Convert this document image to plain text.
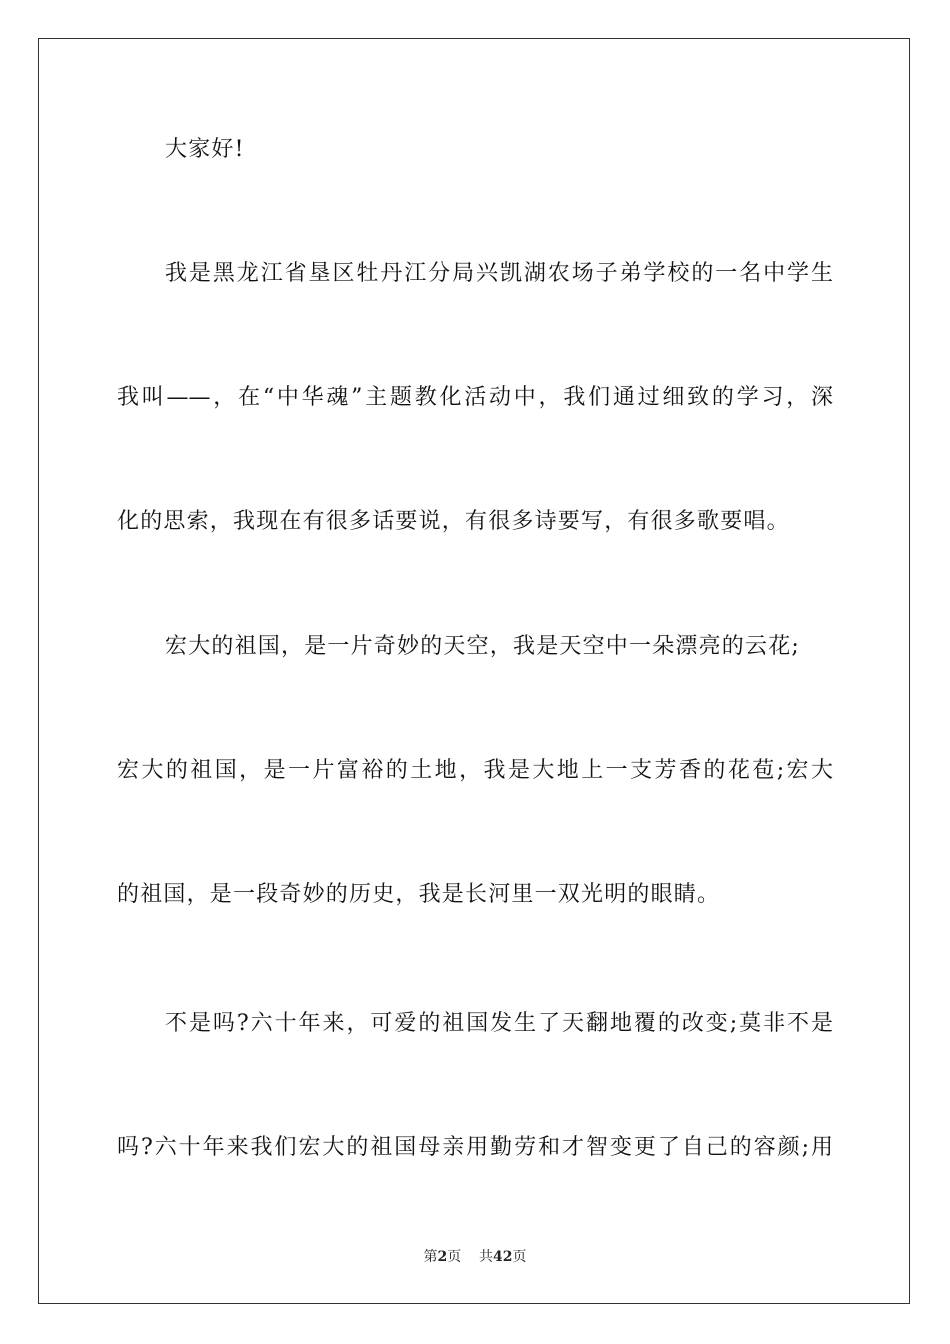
大家好!
我是黑龙江省垦区牡丹江分局兴凯湖农场子弟学校的一名中学生
我叫——，在“中华魂”主题教化活动中，我们通过细致的学习，深
化的思索，我现在有很多话要说，有很多诗要写，有很多歌要唱。
宏大的祖国，是一片奇妙的天空，我是天空中一朵漂亮的云花;
宏大的祖国，是一片富裕的土地，我是大地上一支芳香的花苞;宏大
的祖国，是一段奇妙的历史，我是长河里一双光明的眼睛。
不是吗?六十年来，可爱的祖国发生了天翻地覆的改变;莫非不是
吗?六十年来我们宏大的祖国母亲用勤劳和才智变更了自己的容颜;用
第2页 共42页
